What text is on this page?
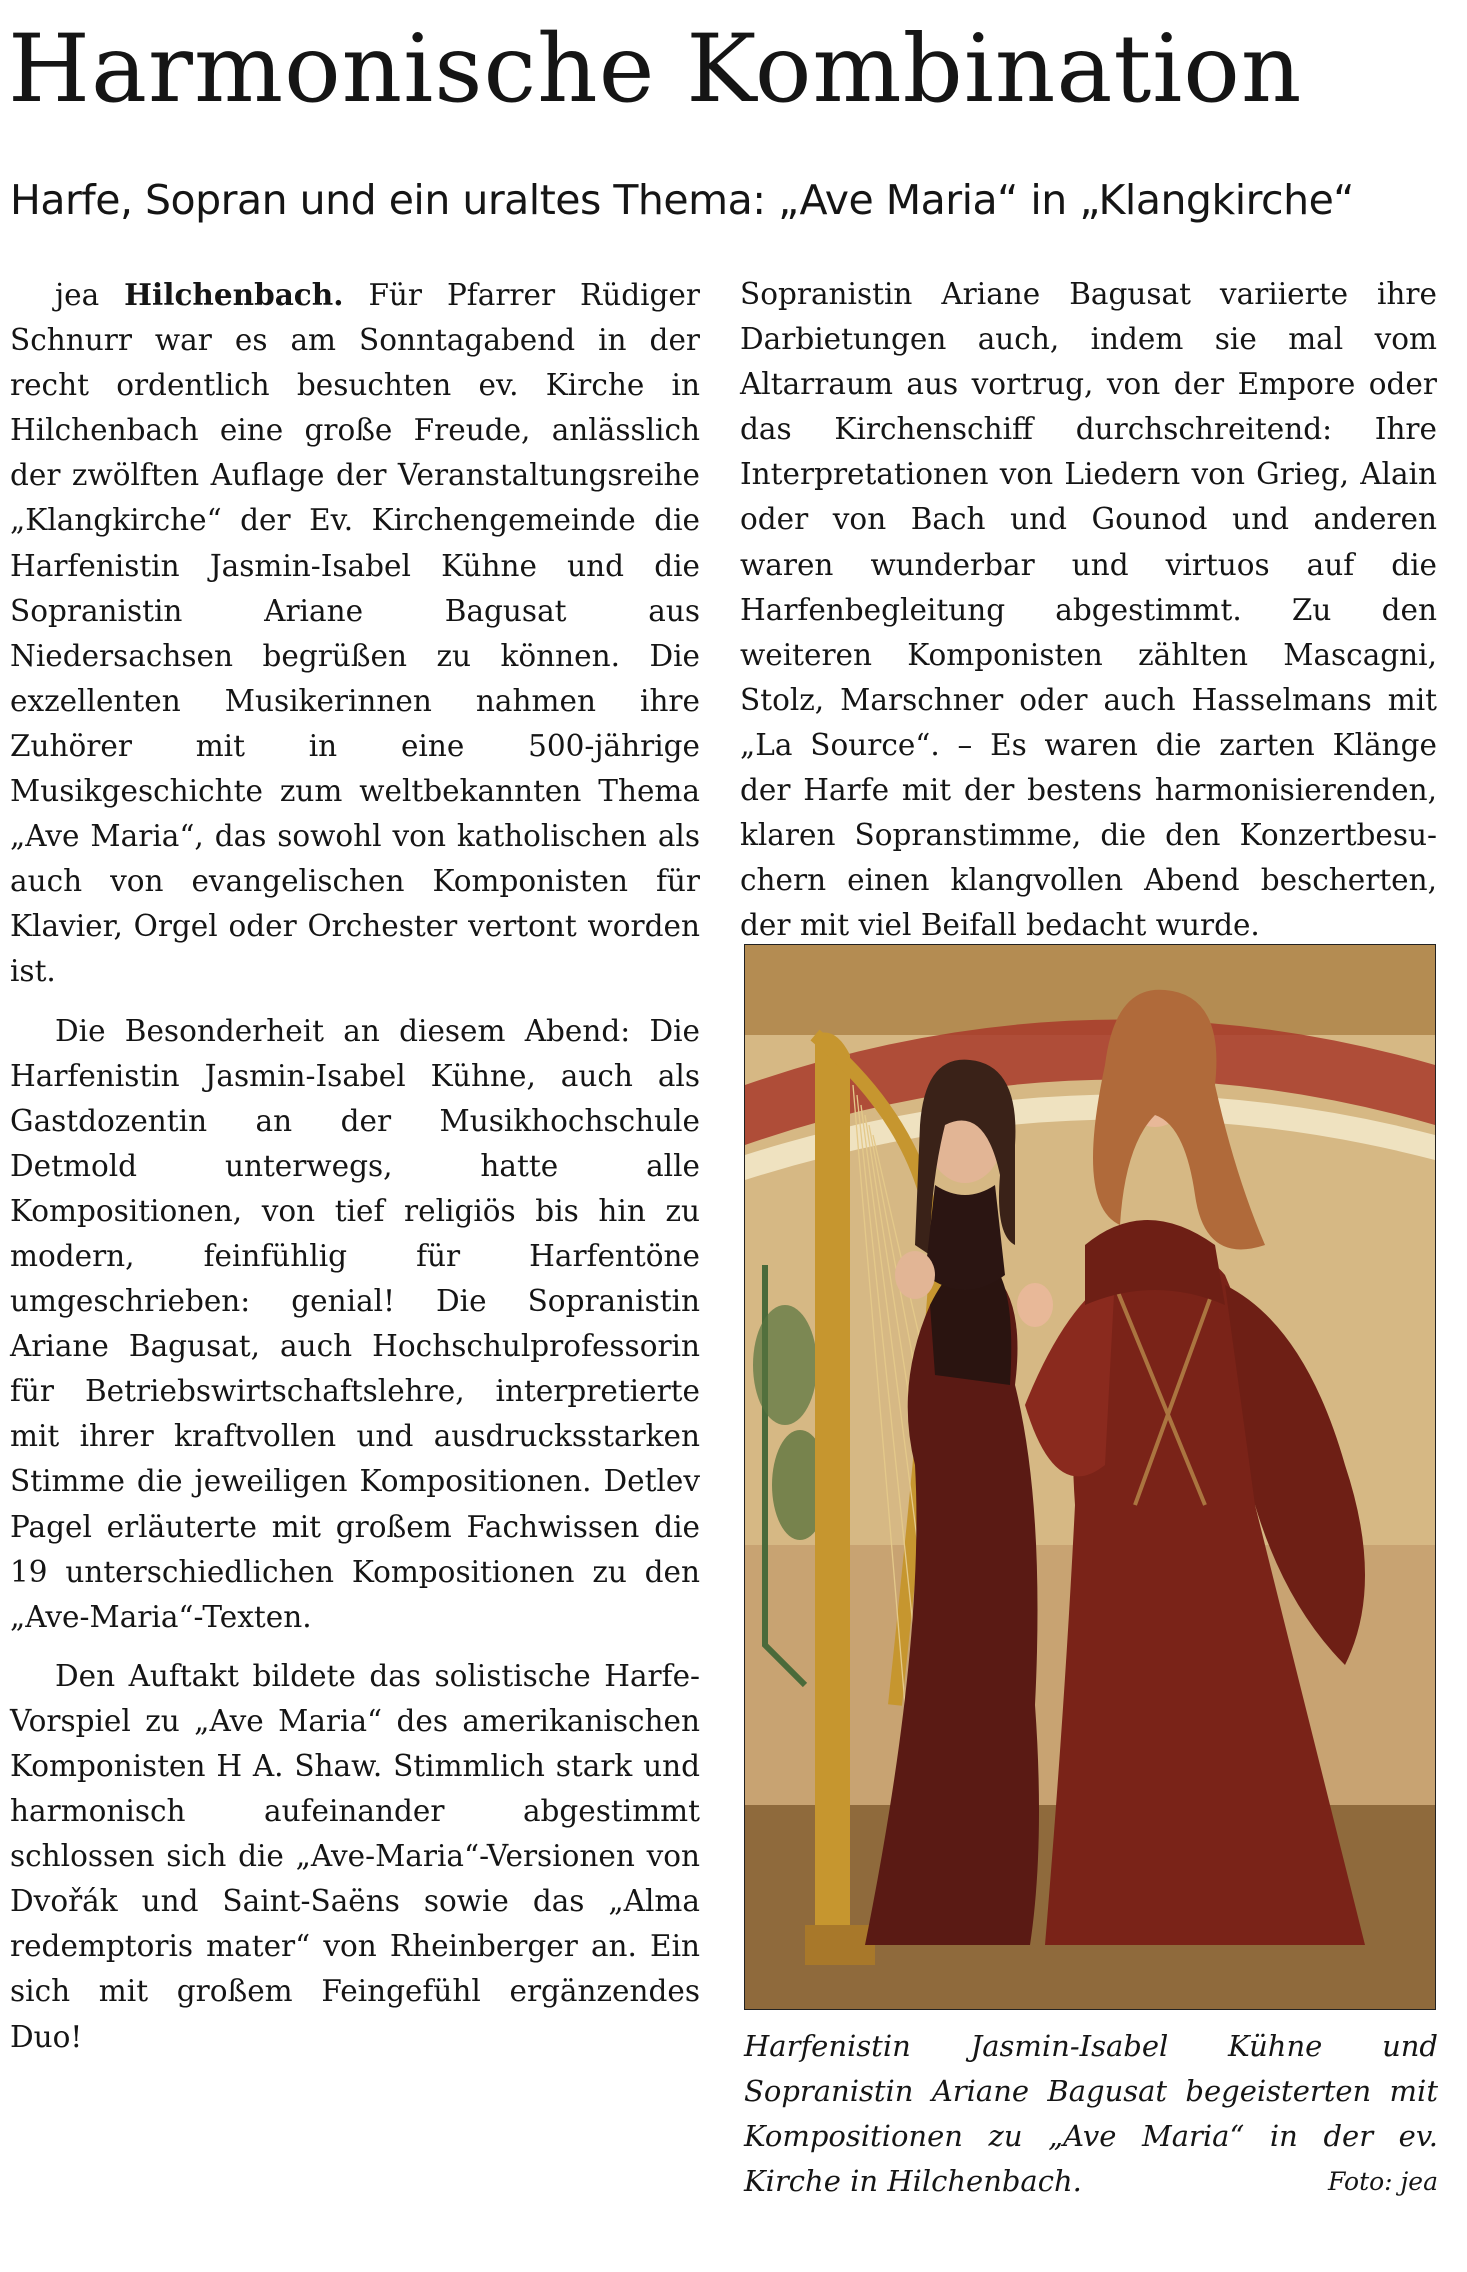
Harmonische Kombination
Harfe, Sopran und ein uraltes Thema: „Ave Maria“ in „Klangkirche“

jea Hilchenbach. Für Pfarrer Rüdiger Schnurr war es am Sonntagabend in der recht ordentlich besuchten ev. Kirche in Hilchenbach eine große Freude, anlässlich der zwölften Auflage der Veranstaltungsreihe „Klangkirche“ der Ev. Kirchengemeinde die Harfenistin Jasmin-Isabel Kühne und die Sopranistin Ariane Bagusat aus Niedersachsen begrüßen zu können. Die exzellenten Musikerinnen nahmen ihre Zuhörer mit in eine 500-jährige Musikgeschichte zum weltbekannten Thema „Ave Maria“, das sowohl von katholischen als auch von evangelischen Komponisten für Klavier, Orgel oder Orchester vertont worden ist.

Die Besonderheit an diesem Abend: Die Harfenistin Jasmin-Isabel Kühne, auch als Gastdozentin an der Musikhochschule Detmold unterwegs, hatte alle Kompositionen, von tief religiös bis hin zu modern, feinfühlig für Harfentöne umgeschrieben: genial! Die Sopranistin Ariane Bagusat, auch Hochschulprofessorin für Betriebswirtschaftslehre, interpretierte mit ihrer kraftvollen und ausdrucksstarken Stimme die jeweiligen Kompositionen. Detlev Pagel erläuterte mit großem Fachwissen die 19 unterschiedlichen Kompositionen zu den „Ave-Maria“-Texten.

Den Auftakt bildete das solistische Harfe-Vorspiel zu „Ave Maria“ des amerikanischen Komponisten H A. Shaw. Stimmlich stark und harmonisch aufeinander abgestimmt schlossen sich die „Ave-Maria“-Versionen von Dvořák und Saint-Saëns sowie das „Alma redemptoris mater“ von Rheinberger an. Ein sich mit großem Feingefühl ergänzendes Duo!

Sopranistin Ariane Bagusat variierte ihre Darbietungen auch, indem sie mal vom Altarraum aus vortrug, von der Empore oder das Kirchenschiff durchschreitend: Ihre Interpretationen von Liedern von Grieg, Alain oder von Bach und Gounod und anderen waren wunderbar und virtuos auf die Harfenbegleitung abgestimmt. Zu den weiteren Komponisten zählten Mascagni, Stolz, Marschner oder auch Hasselmans mit „La Source“. – Es waren die zarten Klänge der Harfe mit der bestens harmonisierenden, klaren Sopranstimme, die den Konzertbesuchern einen klangvollen Abend bescherten, der mit viel Beifall bedacht wurde.

Harfenistin Jasmin-Isabel Kühne und Sopranistin Ariane Bagusat begeisterten mit Kompositionen zu „Ave Maria“ in der ev. Kirche in Hilchenbach.	Foto: jea
